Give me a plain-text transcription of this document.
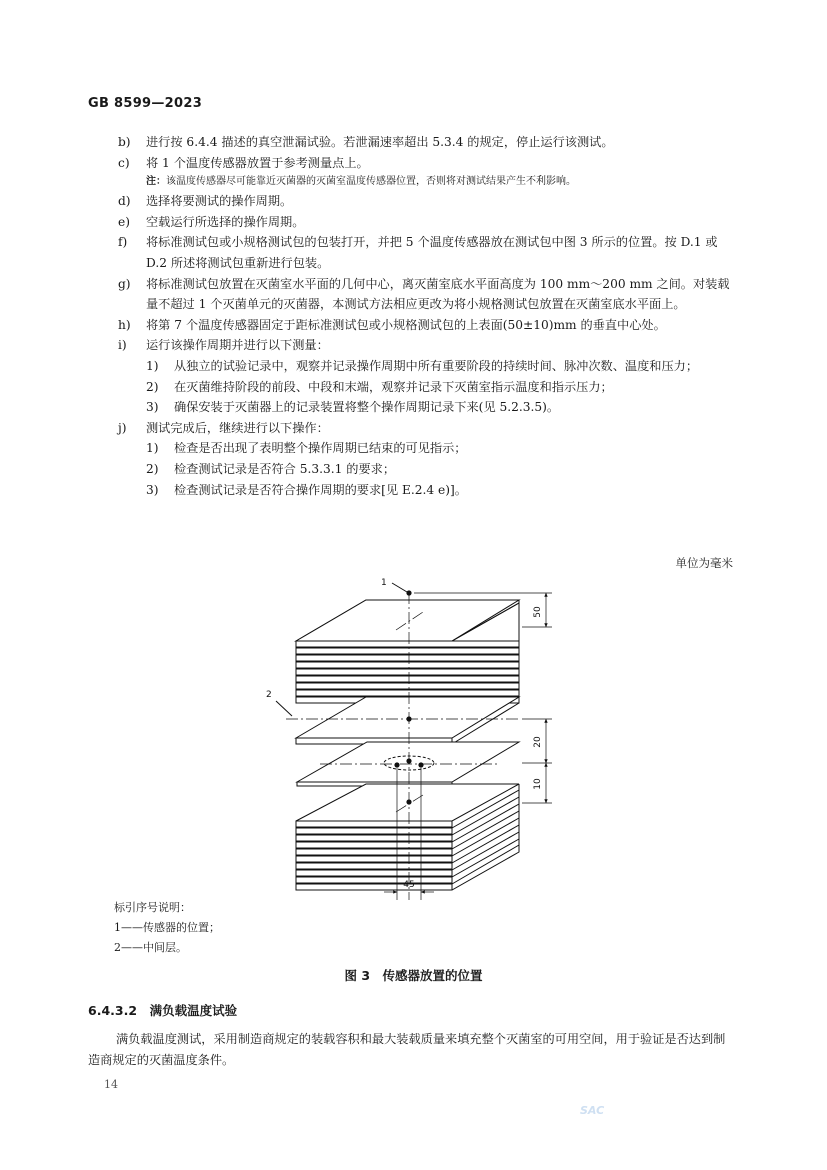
GB 8599—2023
b) 进行按 6.4.4 描述的真空泄漏试验。若泄漏速率超出 5.3.4 的规定，停止运行该测试。
c) 将 1 个温度传感器放置于参考测量点上。
注：该温度传感器尽可能靠近灭菌器的灭菌室温度传感器位置，否则将对测试结果产生不利影响。
d) 选择将要测试的操作周期。
e) 空载运行所选择的操作周期。
f) 将标准测试包或小规格测试包的包装打开，并把 5 个温度传感器放在测试包中图 3 所示的位置。按 D.1 或 D.2 所述将测试包重新进行包装。
g) 将标准测试包放置在灭菌室水平面的几何中心，离灭菌室底水平面高度为 100 mm～200 mm 之间。对装载量不超过 1 个灭菌单元的灭菌器，本测试方法相应更改为将小规格测试包放置在灭菌室底水平面上。
h) 将第 7 个温度传感器固定于距标准测试包或小规格测试包的上表面(50±10)mm 的垂直中心处。
i) 运行该操作周期并进行以下测量：
1) 从独立的试验记录中，观察并记录操作周期中所有重要阶段的持续时间、脉冲次数、温度和压力；
2) 在灭菌维持阶段的前段、中段和末端，观察并记录下灭菌室指示温度和指示压力；
3) 确保安装于灭菌器上的记录装置将整个操作周期记录下来(见 5.2.3.5)。
j) 测试完成后，继续进行以下操作：
1) 检查是否出现了表明整个操作周期已结束的可见指示；
2) 检查测试记录是否符合 5.3.3.1 的要求；
3) 检查测试记录是否符合操作周期的要求[见 E.2.4 e)]。
单位为毫米
1
2
50
20
10
45
标引序号说明：
1——传感器的位置；
2——中间层。
图 3　传感器放置的位置
6.4.3.2　 满负载温度试验
满负载温度测试，采用制造商规定的装载容积和最大装载质量来填充整个灭菌室的可用空间，用于验证是否达到制造商规定的灭菌温度条件。
14
SAC
